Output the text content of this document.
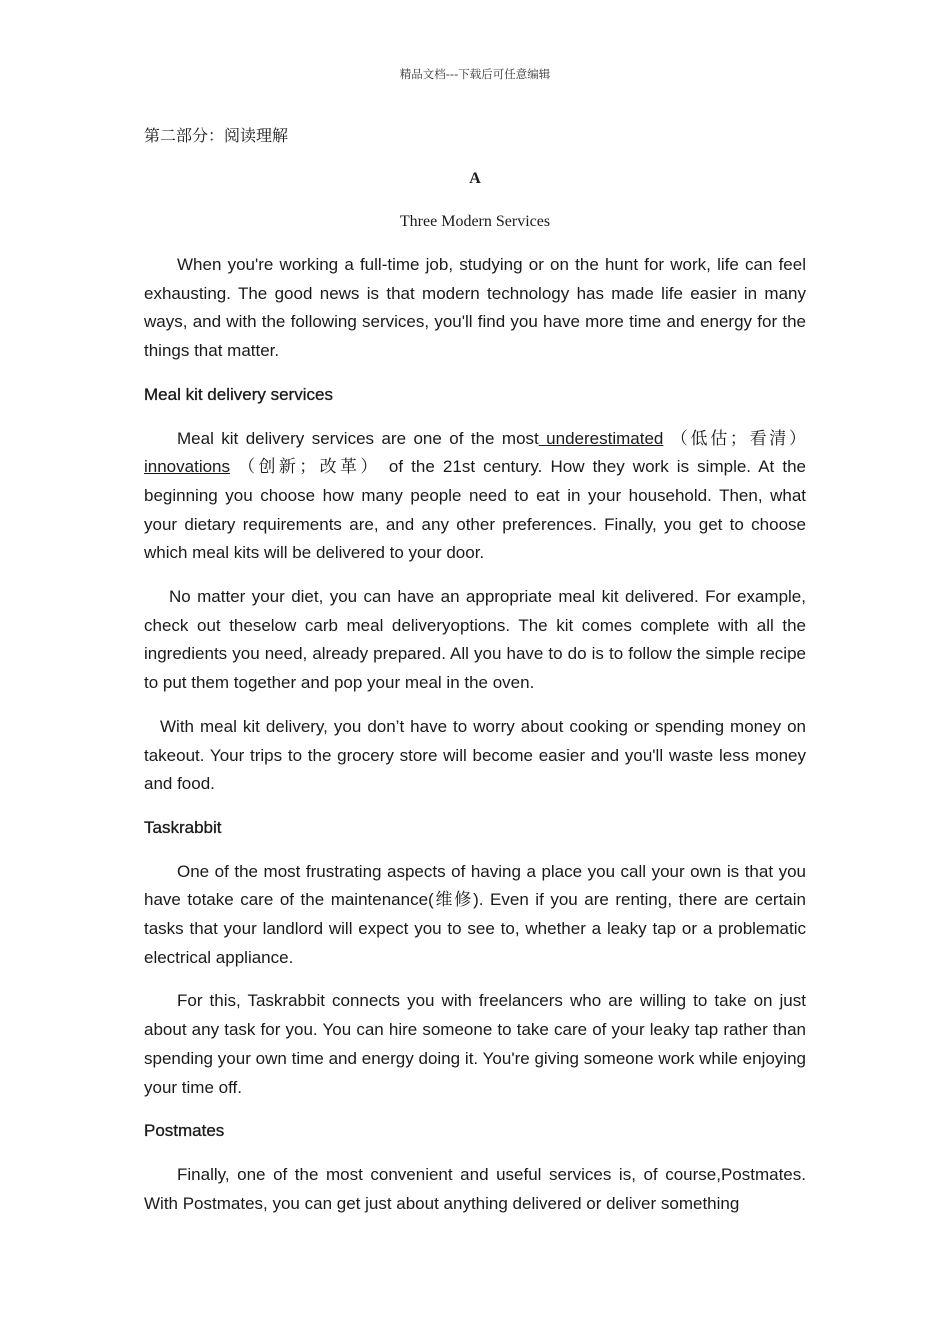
精品文档---下载后可任意编辑
第二部分：阅读理解
A
Three Modern Services

When you're working a full-time job, studying or on the hunt for work, life can feel exhausting. The good news is that modern technology has made life easier in many ways, and with the following services, you'll find you have more time and energy for the things that matter.

Meal kit delivery services

Meal kit delivery services are one of the most underestimated （低估；看清） innovations （创新；改革） of the 21st century. How they work is simple. At the beginning you choose how many people need to eat in your household. Then, what your dietary requirements are, and any other preferences. Finally, you get to choose which meal kits will be delivered to your door.

No matter your diet, you can have an appropriate meal kit delivered. For example, check out theselow carb meal deliveryoptions. The kit comes complete with all the ingredients you need, already prepared. All you have to do is to follow the simple recipe to put them together and pop your meal in the oven.

With meal kit delivery, you don’t have to worry about cooking or spending money on takeout. Your trips to the grocery store will become easier and you'll waste less money and food.

Taskrabbit

One of the most frustrating aspects of having a place you call your own is that you have totake care of the maintenance(维修). Even if you are renting, there are certain tasks that your landlord will expect you to see to, whether a leaky tap or a problematic electrical appliance.

For this, Taskrabbit connects you with freelancers who are willing to take on just about any task for you. You can hire someone to take care of your leaky tap rather than spending your own time and energy doing it. You're giving someone work while enjoying your time off.

Postmates

Finally, one of the most convenient and useful services is, of course,Postmates. With Postmates, you can get just about anything delivered or deliver something
